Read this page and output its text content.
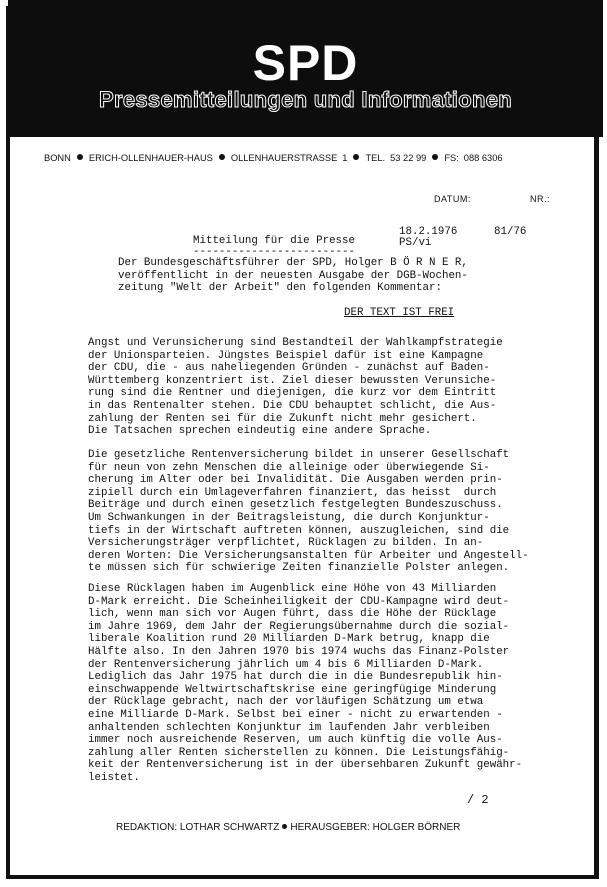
SPD
Pressemitteilungen und Informationen
BONN ERICH-OLLENHAUER-HAUS OLLENHAUERSTRASSE 1 TEL. 53 22 99 FS: 088 6306
DATUM:	NR.:
18.2.1976	81/76
PS/vi
Mitteilung für die Presse
-------------------------
Der Bundesgeschäftsführer der SPD, Holger B Ö R N E R,
veröffentlicht in der neuesten Ausgabe der DGB-Wochen-
zeitung "Welt der Arbeit" den folgenden Kommentar:
DER TEXT IST FREI
Angst und Verunsicherung sind Bestandteil der Wahlkampfstrategie
der Unionsparteien. Jüngstes Beispiel dafür ist eine Kampagne
der CDU, die - aus naheliegenden Gründen - zunächst auf Baden-
Württemberg konzentriert ist. Ziel dieser bewussten Verunsiche-
rung sind die Rentner und diejenigen, die kurz vor dem Eintritt
in das Rentenalter stehen. Die CDU behauptet schlicht, die Aus-
zahlung der Renten sei für die Zukunft nicht mehr gesichert.
Die Tatsachen sprechen eindeutig eine andere Sprache.
Die gesetzliche Rentenversicherung bildet in unserer Gesellschaft
für neun von zehn Menschen die alleinige oder überwiegende Si-
cherung im Alter oder bei Invalidität. Die Ausgaben werden prin-
zipiell durch ein Umlageverfahren finanziert, das heisst  durch
Beiträge und durch einen gesetzlich festgelegten Bundeszuschuss.
Um Schwankungen in der Beitragsleistung, die durch Konjunktur-
tiefs in der Wirtschaft auftreten können, auszugleichen, sind die
Versicherungsträger verpflichtet, Rücklagen zu bilden. In an-
deren Worten: Die Versicherungsanstalten für Arbeiter und Angestell-
te müssen sich für schwierige Zeiten finanzielle Polster anlegen.
Diese Rücklagen haben im Augenblick eine Höhe von 43 Milliarden
D-Mark erreicht. Die Scheinheiligkeit der CDU-Kampagne wird deut-
lich, wenn man sich vor Augen führt, dass die Höhe der Rücklage
im Jahre 1969, dem Jahr der Regierungsübernahme durch die sozial-
liberale Koalition rund 20 Milliarden D-Mark betrug, knapp die
Hälfte also. In den Jahren 1970 bis 1974 wuchs das Finanz-Polster
der Rentenversicherung jährlich um 4 bis 6 Milliarden D-Mark.
Lediglich das Jahr 1975 hat durch die in die Bundesrepublik hin-
einschwappende Weltwirtschaftskrise eine geringfügige Minderung
der Rücklage gebracht, nach der vorläufigen Schätzung um etwa
eine Milliarde D-Mark. Selbst bei einer - nicht zu erwartenden -
anhaltenden schlechten Konjunktur im laufenden Jahr verbleiben
immer noch ausreichende Reserven, um auch künftig die volle Aus-
zahlung aller Renten sicherstellen zu können. Die Leistungsfähig-
keit der Rentenversicherung ist in der übersehbaren Zukunft gewähr-
leistet.
/ 2
REDAKTION: LOTHAR SCHWARTZ HERAUSGEBER: HOLGER BÖRNER
